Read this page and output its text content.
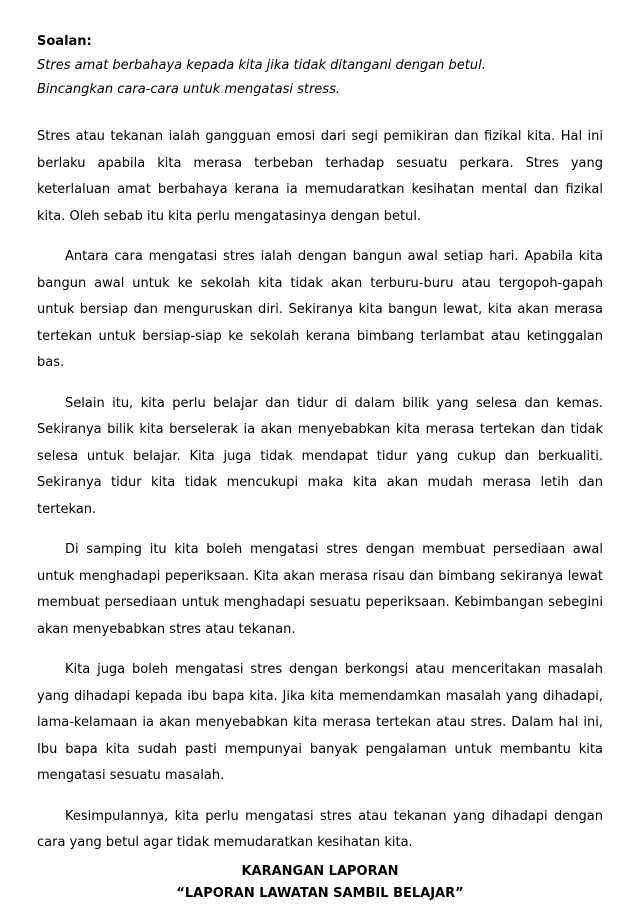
Soalan:
Stres amat berbahaya kepada kita jika tidak ditangani dengan betul.
Bincangkan cara-cara untuk mengatasi stress.

Stres atau tekanan ialah gangguan emosi dari segi pemikiran dan fizikal kita. Hal ini berlaku apabila kita merasa terbeban terhadap sesuatu perkara. Stres yang keterlaluan amat berbahaya kerana ia memudaratkan kesihatan mental dan fizikal kita. Oleh sebab itu kita perlu mengatasinya dengan betul.

Antara cara mengatasi stres ialah dengan bangun awal setiap hari. Apabila kita bangun awal untuk ke sekolah kita tidak akan terburu-buru atau tergopoh-gapah untuk bersiap dan menguruskan diri. Sekiranya kita bangun lewat, kita akan merasa tertekan untuk bersiap-siap ke sekolah kerana bimbang terlambat atau ketinggalan bas.

Selain itu, kita perlu belajar dan tidur di dalam bilik yang selesa dan kemas. Sekiranya bilik kita berselerak ia akan menyebabkan kita merasa tertekan dan tidak selesa untuk belajar. Kita juga tidak mendapat tidur yang cukup dan berkualiti. Sekiranya tidur kita tidak mencukupi maka kita akan mudah merasa letih dan tertekan.

Di samping itu kita boleh mengatasi stres dengan membuat persediaan awal untuk menghadapi peperiksaan. Kita akan merasa risau dan bimbang sekiranya lewat membuat persediaan untuk menghadapi sesuatu peperiksaan. Kebimbangan sebegini akan menyebabkan stres atau tekanan.

Kita juga boleh mengatasi stres dengan berkongsi atau menceritakan masalah yang dihadapi kepada ibu bapa kita. Jika kita memendamkan masalah yang dihadapi, lama-kelamaan ia akan menyebabkan kita merasa tertekan atau stres. Dalam hal ini, Ibu bapa kita sudah pasti mempunyai banyak pengalaman untuk membantu kita mengatasi sesuatu masalah.

Kesimpulannya, kita perlu mengatasi stres atau tekanan yang dihadapi dengan cara yang betul agar tidak memudaratkan kesihatan kita.

KARANGAN LAPORAN
“LAPORAN LAWATAN SAMBIL BELAJAR”
